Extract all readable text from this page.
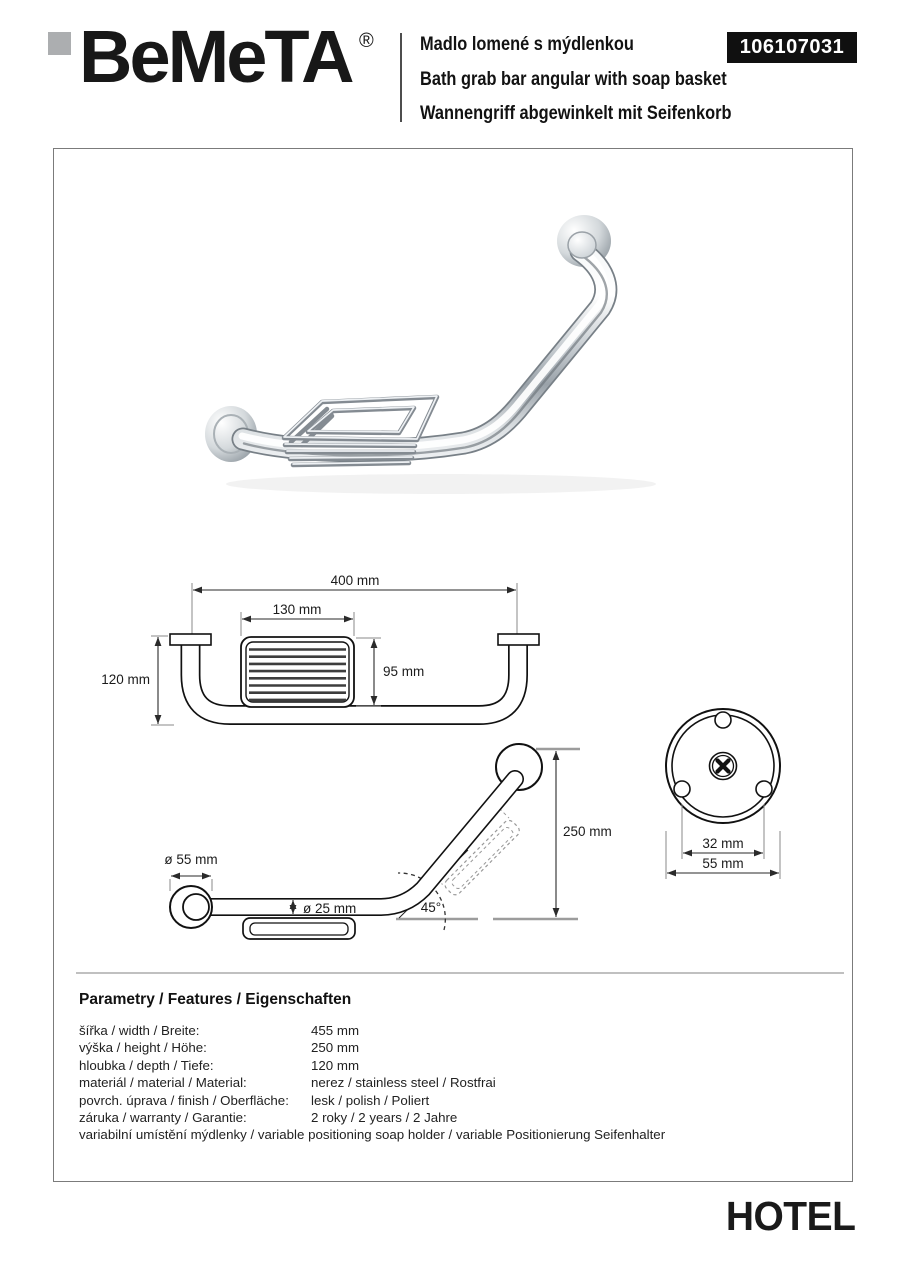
BeMeTA ® Madlo lomené s mýdlenkou
Bath grab bar angular with soap basket
Wannengriff abgewinkelt mit Seifenkorb
106107031
400 mm
130 mm
95 mm
120 mm
45°
ø 55 mm
ø 25 mm
250 mm
32 mm
55 mm
Parametry / Features / Eigenschaften
šířka / width / Breite:	455 mm
výška / height / Höhe:	250 mm
hloubka / depth / Tiefe:	120 mm
materiál / material / Material:	nerez / stainless steel / Rostfrai
povrch. úprava / finish / Oberfläche:	lesk / polish / Poliert
záruka / warranty / Garantie:	2 roky / 2 years / 2 Jahre
variabilní umístění mýdlenky / variable positioning soap holder / variable Positionierung Seifenhalter
HOTEL
